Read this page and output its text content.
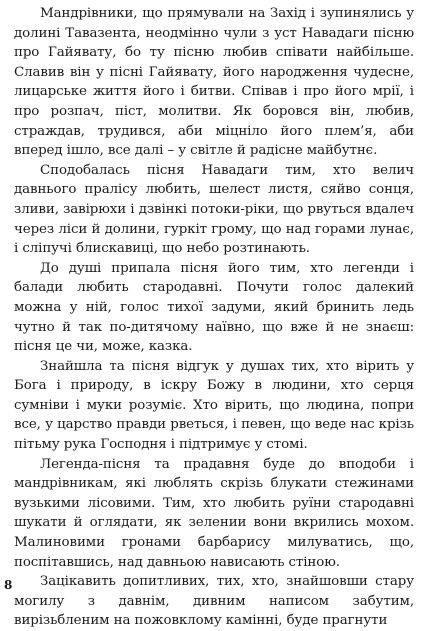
Мандрівники, що прямували на Захід і зупинялись у долині Тавазента, неодмінно чули з уст Навадаги пісню про Гайявату, бо ту пісню любив співати найбільше. Славив він у пісні Гайявату, його народження чудесне, лицарське життя його і битви. Співав і про його мрії, і про розпач, піст, молитви. Як боровся він, любив, страждав, трудився, аби міцніло його плем’я, аби вперед ішло, все далі – у світле й радісне майбутнє.

Сподобалась пісня Навадаги тим, хто велич давнього пралісу любить, шелест листя, сяйво сонця, зливи, завірюхи і дзвінкі потоки-ріки, що рвуться вдалеч через ліси й долини, гуркіт грому, що над горами лунає, і сліпучі блискавиці, що небо розтинають.

До душі припала пісня його тим, хто легенди і балади любить стародавні. Почути голос далекий можна у ній, голос тихої задуми, який бринить ледь чутно й так по-дитячому наївно, що вже й не знаєш: пісня це чи, може, казка.

Знайшла та пісня відгук у душах тих, хто вірить у Бога і природу, в іскру Божу в людини, хто серця сумніви і муки розуміє. Хто вірить, що людина, попри все, у царство правди рветься, і певен, що веде нас крізь пітьму рука Господня і підтримує у стомі.

Легенда-пісня та прадавня буде до вподоби і мандрівникам, які люблять скрізь блукати стежинами вузькими лісовими. Тим, хто любить руїни стародавні шукати й оглядати, як зелении вони вкрились мохом. Малиновими гронами барбарису милуватись, що, поспітавшись, над давньою нависають стіною.

Зацікавить допитливих, тих, хто, знайшовши стару могилу з давнім, дивним написом забутим, вирізьбленим на пожовклому камінні, буде прагнути

8
